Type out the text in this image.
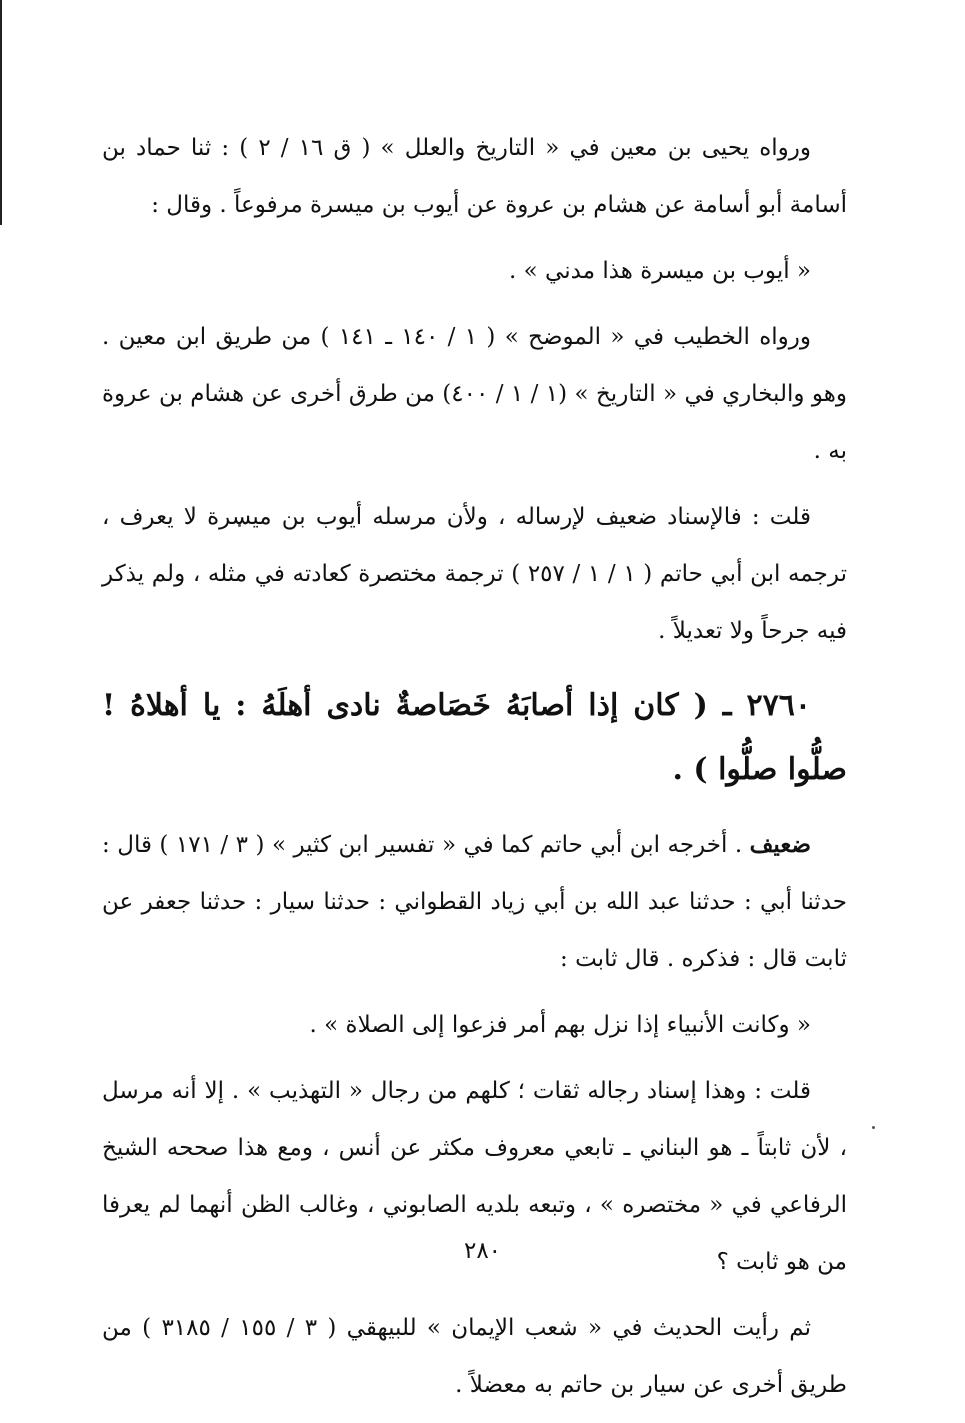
ورواه يحيى بن معين في « التاريخ والعلل » ( ق ١٦ / ٢ ) : ثنا حماد بن أسامة أبو أسامة عن هشام بن عروة عن أيوب بن ميسرة مرفوعاً . وقال :

« أيوب بن ميسرة هذا مدني » .

ورواه الخطيب في « الموضح » ( ١ / ١٤٠ ـ ١٤١ ) من طريق ابن معين . وهو والبخاري في « التاريخ » (١ / ١ / ٤٠٠) من طرق أخرى عن هشام بن عروة به .

قلت : فالإسناد ضعيف لإرساله ، ولأن مرسله أيوب بن ميسرة لا يعرف ، ترجمه ابن أبي حاتم ( ١ / ١ / ٢٥٧ ) ترجمة مختصرة كعادته في مثله ، ولم يذكر فيه جرحاً ولا تعديلاً .

٢٧٦٠ ـ ( كان إذا أصابَهُ خَصَاصةٌ نادى أهلَهُ : يا أهلاهُ ! صلُّوا صلُّوا ) .

ضعيف . أخرجه ابن أبي حاتم كما في « تفسير ابن كثير » ( ٣ / ١٧١ ) قال : حدثنا أبي : حدثنا عبد الله بن أبي زياد القطواني : حدثنا سيار : حدثنا جعفر عن ثابت قال : فذكره . قال ثابت :

« وكانت الأنبياء إذا نزل بهم أمر فزعوا إلى الصلاة » .

قلت : وهذا إسناد رجاله ثقات ؛ كلهم من رجال « التهذيب » . إلا أنه مرسل ، لأن ثابتاً ـ هو البناني ـ تابعي معروف مكثر عن أنس ، ومع هذا صححه الشيخ الرفاعي في « مختصره » ، وتبعه بلديه الصابوني ، وغالب الظن أنهما لم يعرفا من هو ثابت ؟

ثم رأيت الحديث في « شعب الإيمان » للبيهقي ( ٣ / ١٥٥ / ٣١٨٥ ) من طريق أخرى عن سيار بن حاتم به معضلاً .

٢٨٠
